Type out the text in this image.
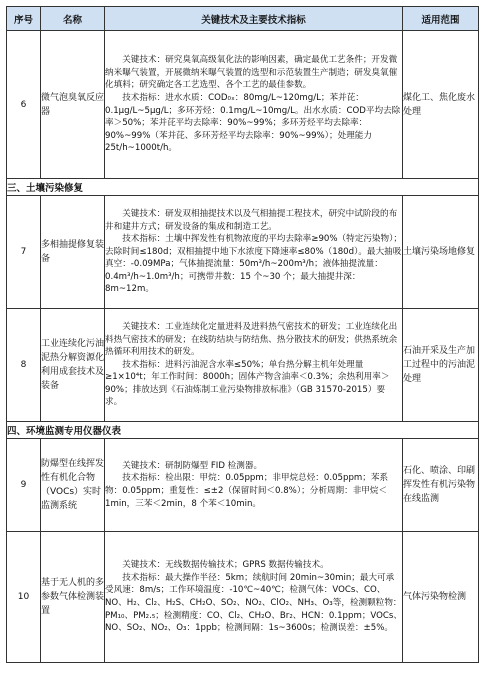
序号	名称	关键技术及主要技术指标	适用范围
6	微气泡臭氧反应器	关键技术：研究臭氧高级氧化法的影响因素，确定最优工艺条件；开发微纳米曝气装置，开展微纳米曝气装置的选型和示范装置生产制造；研发臭氧催化填料；研究确定各工艺选型、各个工艺的最佳参数。

技术指标：进水水质：COD₀ₓ：80mg/L~120mg/L；苯并芘：0.1μg/L~5μg/L；多环芳烃：0.1mg/L~10mg/L。出水水质：COD平均去除率＞50%；苯并芘平均去除率：90%~99%；多环芳烃平均去除率：90%~99%（苯并芘、多环芳烃平均去除率：90%~99%）；处理能力 25t/h~1000t/h。	煤化工、焦化废水处理
三、土壤污染修复			
7	多相抽提修复装备	关键技术：研发双相抽提技术以及气相抽提工程技术，研究中试阶段的布井和建井方式；研发设备的集成和制造工艺。

技术指标：土壤中挥发性有机物浓度的平均去除率≥90%（特定污染物）；去除时间≤180d；双相抽提中地下水浓度下降速率≤80%（180d）。最大抽吸真空：-0.09MPa；气体抽提流量：50m³/h~200m³/h；液体抽提流量：0.4m³/h~1.0m³/h；可携带井数：15 个~30 个；最大抽提井深：8m~12m。	土壤污染场地修复
8	工业连续化污油泥热分解资源化利用成套技术及装备	关键技术：工业连续化定量进料及进料热气密技术的研发；工业连续化出料热气密技术的研发；在线防结块与防结焦、热分散技术的研发；供热系统余热循环利用技术的研发。

技术指标：进料污油泥含水率≤50%；单台热分解主机年处理量≥1×10⁴t；年工作时间：8000h；固体产物含油率＜0.3%；余热利用率＞90%；排放达到《石油炼制工业污染物排放标准》（GB 31570-2015）要求。	石油开采及生产加工过程中的污油泥处理
四、环境监测专用仪器仪表			
9	防爆型在线挥发性有机化合物（VOCs）实时监测系统	关键技术：研制防爆型 FID 检测器。

技术指标：检出限：甲烷：0.05ppm；非甲烷总烃：0.05ppm；苯系物：0.05ppm；重复性：≤±2（保留时间＜0.8%）；分析周期：非甲烷＜1min，三苯＜2min，8 个苯＜10min。	石化、喷涂、印刷挥发性有机污染物在线监测
10	基于无人机的多参数气体检测装置	关键技术：无线数据传输技术；GPRS 数据传输技术。

技术指标：最大操作半径：5km；续航时间 20min~30min；最大可承受风速：8m/s；工作环境温度：-10℃~40℃；检测气体：VOCs、CO、NO、H₂、Cl₂、H₂S、CH₂O、SO₂、NO₂、ClO₂、NH₃、O₃等，检测颗粒物：PM₁₀、PM₂.₅；检测精度：CO、Cl₂、CH₂O、Br₂、HCN：0.1ppm；VOCs、NO、SO₂、NO₂、O₃：1ppb；检测间隔：1s~3600s；检测误差：±5%。	气体污染物检测
